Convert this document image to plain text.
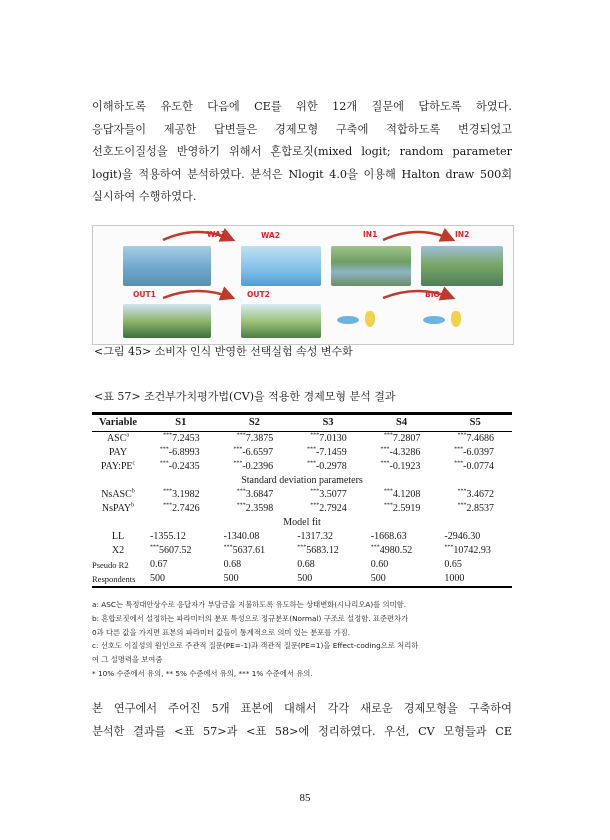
이해하도록 유도한 다음에 CE를 위한 12개 질문에 답하도록 하였다.
응답자들이 제공한 답변들은 경제모형 구축에 적합하도록 변경되었고
선호도이질성을 반영하기 위해서 혼합로짓(mixed logit; random parameter
logit)을 적용하여 분석하였다. 분석은 Nlogit 4.0을 이용해 Halton draw 500회
실시하여 수행하였다.
WA1	WA2	IN1	IN2
OUT1	OUT2	BIO
<그림 45> 소비자 인식 반영한 선택실험 속성 변수화
<표 57> 조건부가치평가법(CV)을 적용한 경제모형 분석 결과
Variable	S1	S2	S3	S4	S5
ASC$^a$	***7.2453	***7.3875	***7.0130	***7.2807	***7.4686
PAY	***-6.8993	***-6.6597	***-7.1459	***-4.3286	***-6.0397
$PAY:PE^c$	***-0.2435	***-0.2396	***-0.2978	***-0.1923	***-0.0774
Standard deviation parameters					
NsASC$^b$	***3.1982	***3.6847	***3.5077	***4.1208	***3.4672
NsPAY$^b$	***2.7426	***2.3598	***2.7924	***2.5919	***2.8537
Model fit					
LL	-1355.12	-1340.08	-1317.32	-1668.63	-2946.30
X2	***5607.52	***5637.61	***5683.12	***4980.52	***10742.93
Pseudo R2	0.67	0.68	0.68	0.60	0.65
Respondents	500	500	500	500	1000
a: ASC는 특정대안상수로 응답자가 부담금을 지불하도록 유도하는 상태변화(시나리오A)를 의미함.
b: 혼합로짓에서 설정하는 파라미터의 분포 특성으로 정규분포(Normal) 구조로 설정함. 표준편차가
0과 다른 값을 가지면 표본의 파라미터 값들이 통계적으로 의미 있는 분포를 가짐.
c: 선호도 이질성의 원인으로 주관적 질문(PE=-1)과 객관적 질문(PE=1)을 Effect-coding으로 처리하
여 그 설명력을 보여줌
* 10% 수준에서 유의, ** 5% 수준에서 유의, *** 1% 수준에서 유의.
본 연구에서 주어진 5개 표본에 대해서 각각 새로운 경제모형을 구축하여
분석한 결과를 <표 57>과 <표 58>에 정리하였다. 우선, CV 모형들과 CE
85
